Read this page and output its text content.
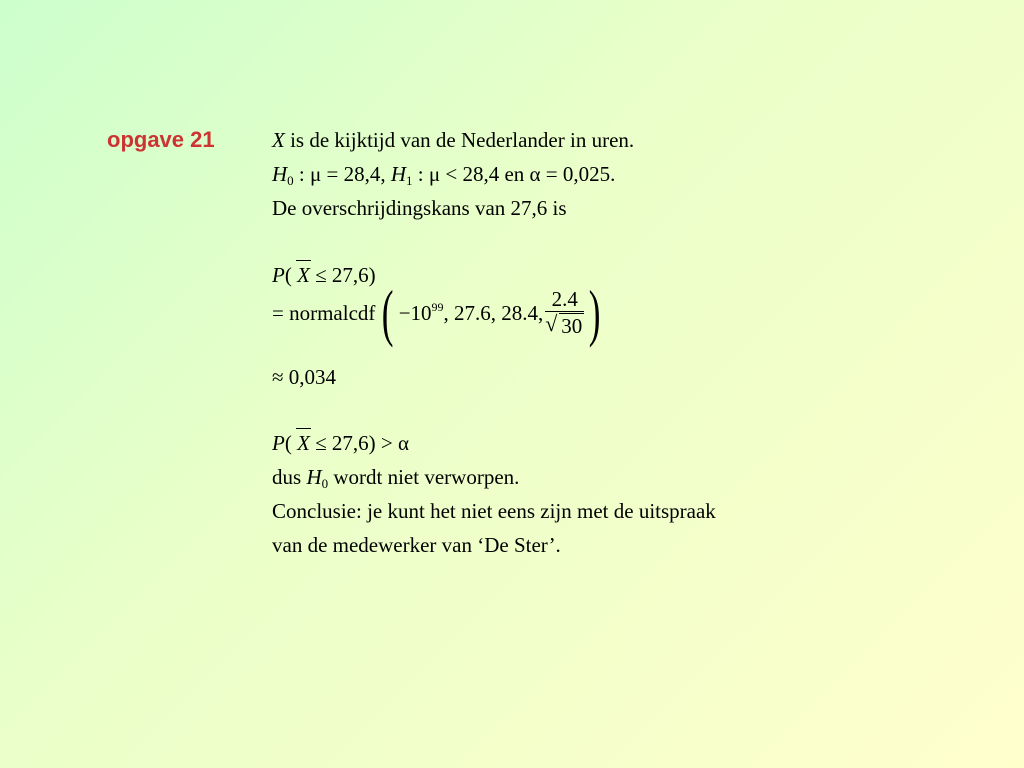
opgave 21	X is de kijktijd van de Nederlander in uren.
$H_0$ : μ = 28,4, $H_1$ : μ < 28,4 en α = 0,025.
De overschrijdingskans van 27,6 is
P( X ≤ 27,6)
= normalcdf ( $-10^{99}$ , 27.6, 28.4, 2.4
√ 30 )
≈ 0,034
P( X ≤ 27,6) > α
dus $H_0$ wordt niet verworpen.
Conclusie: je kunt het niet eens zijn met de uitspraak
van de medewerker van ‘De Ster’.
